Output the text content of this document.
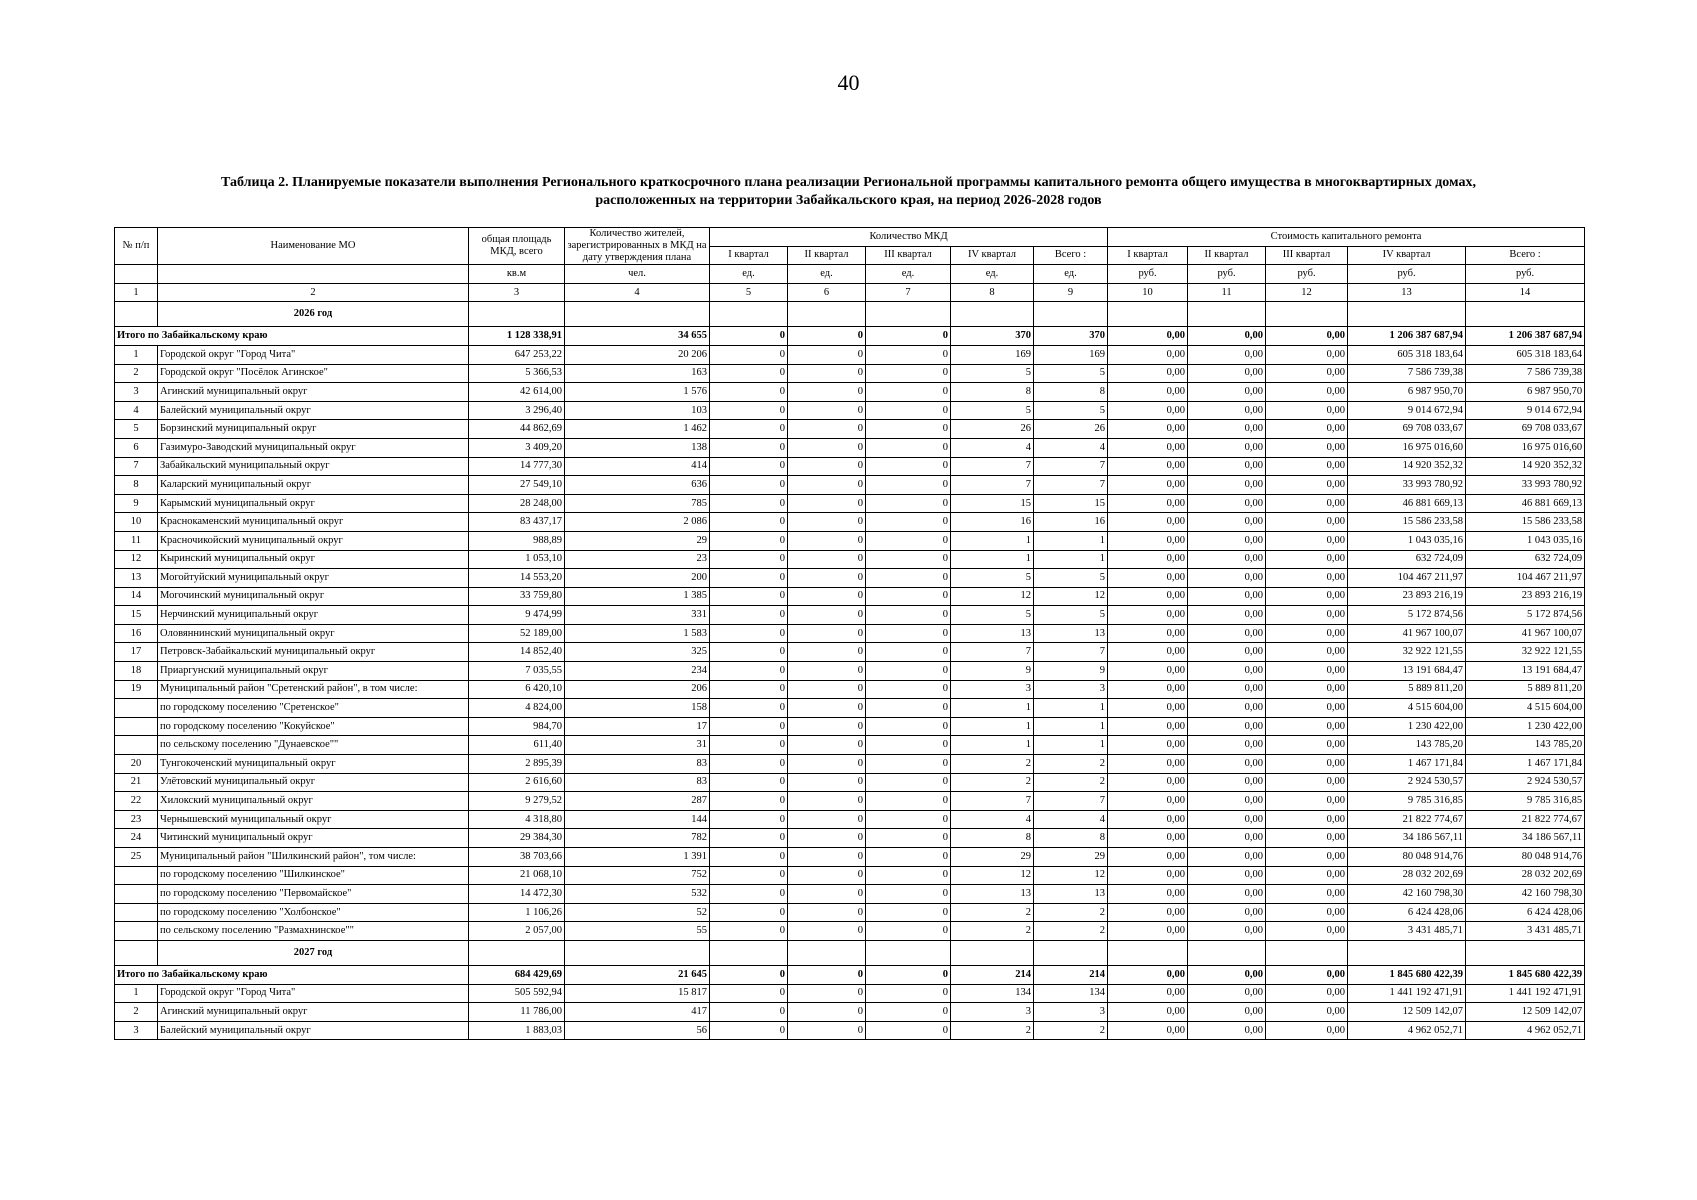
40
Таблица 2. Планируемые показатели выполнения Регионального краткосрочного плана реализации Региональной программы капитального ремонта общего имущества в многоквартирных домах,
расположенных на территории Забайкальского края, на период 2026-2028 годов
№ п/п	Наименование МО	общая площадь МКД, всего	Количество жителей, зарегистрированных в МКД на дату утверждения плана	Количество МКД					Стоимость капитального ремонта				
				I квартал	II квартал	III квартал	IV квартал	Всего :	I квартал	II квартал	III квартал	IV квартал	Всего :
		кв.м	чел.	ед.	ед.	ед.	ед.	ед.	руб.	руб.	руб.	руб.	руб.
1	2	3	4	5	6	7	8	9	10	11	12	13	14
	2026 год												
Итого по Забайкальскому краю		1 128 338,91	34 655	0	0	0	370	370	0,00	0,00	0,00	1 206 387 687,94	1 206 387 687,94
1	Городской округ "Город Чита"	647 253,22	20 206	0	0	0	169	169	0,00	0,00	0,00	605 318 183,64	605 318 183,64
2	Городской округ "Посёлок Агинское"	5 366,53	163	0	0	0	5	5	0,00	0,00	0,00	7 586 739,38	7 586 739,38
3	Агинский муниципальный округ	42 614,00	1 576	0	0	0	8	8	0,00	0,00	0,00	6 987 950,70	6 987 950,70
4	Балейский муниципальный округ	3 296,40	103	0	0	0	5	5	0,00	0,00	0,00	9 014 672,94	9 014 672,94
5	Борзинский муниципальный округ	44 862,69	1 462	0	0	0	26	26	0,00	0,00	0,00	69 708 033,67	69 708 033,67
6	Газимуро-Заводский муниципальный округ	3 409,20	138	0	0	0	4	4	0,00	0,00	0,00	16 975 016,60	16 975 016,60
7	Забайкальский муниципальный округ	14 777,30	414	0	0	0	7	7	0,00	0,00	0,00	14 920 352,32	14 920 352,32
8	Каларский муниципальный округ	27 549,10	636	0	0	0	7	7	0,00	0,00	0,00	33 993 780,92	33 993 780,92
9	Карымский муниципальный округ	28 248,00	785	0	0	0	15	15	0,00	0,00	0,00	46 881 669,13	46 881 669,13
10	Краснокаменский муниципальный округ	83 437,17	2 086	0	0	0	16	16	0,00	0,00	0,00	15 586 233,58	15 586 233,58
11	Красночикойский муниципальный округ	988,89	29	0	0	0	1	1	0,00	0,00	0,00	1 043 035,16	1 043 035,16
12	Кыринский муниципальный округ	1 053,10	23	0	0	0	1	1	0,00	0,00	0,00	632 724,09	632 724,09
13	Могойтуйский муниципальный округ	14 553,20	200	0	0	0	5	5	0,00	0,00	0,00	104 467 211,97	104 467 211,97
14	Могочинский муниципальный округ	33 759,80	1 385	0	0	0	12	12	0,00	0,00	0,00	23 893 216,19	23 893 216,19
15	Нерчинский муниципальный округ	9 474,99	331	0	0	0	5	5	0,00	0,00	0,00	5 172 874,56	5 172 874,56
16	Оловяннинский муниципальный округ	52 189,00	1 583	0	0	0	13	13	0,00	0,00	0,00	41 967 100,07	41 967 100,07
17	Петровск-Забайкальский муниципальный округ	14 852,40	325	0	0	0	7	7	0,00	0,00	0,00	32 922 121,55	32 922 121,55
18	Приаргунский муниципальный округ	7 035,55	234	0	0	0	9	9	0,00	0,00	0,00	13 191 684,47	13 191 684,47
19	Муниципальный район "Сретенский район", в том числе:	6 420,10	206	0	0	0	3	3	0,00	0,00	0,00	5 889 811,20	5 889 811,20
	по городскому поселению "Сретенское"	4 824,00	158	0	0	0	1	1	0,00	0,00	0,00	4 515 604,00	4 515 604,00
	по городскому поселению "Кокуйское"	984,70	17	0	0	0	1	1	0,00	0,00	0,00	1 230 422,00	1 230 422,00
	по сельскому поселению "Дунаевское""	611,40	31	0	0	0	1	1	0,00	0,00	0,00	143 785,20	143 785,20
20	Тунгокоченский муниципальный округ	2 895,39	83	0	0	0	2	2	0,00	0,00	0,00	1 467 171,84	1 467 171,84
21	Улётовский муниципальный округ	2 616,60	83	0	0	0	2	2	0,00	0,00	0,00	2 924 530,57	2 924 530,57
22	Хилокский муниципальный округ	9 279,52	287	0	0	0	7	7	0,00	0,00	0,00	9 785 316,85	9 785 316,85
23	Чернышевский муниципальный округ	4 318,80	144	0	0	0	4	4	0,00	0,00	0,00	21 822 774,67	21 822 774,67
24	Читинский муниципальный округ	29 384,30	782	0	0	0	8	8	0,00	0,00	0,00	34 186 567,11	34 186 567,11
25	Муниципальный район "Шилкинский район", том числе:	38 703,66	1 391	0	0	0	29	29	0,00	0,00	0,00	80 048 914,76	80 048 914,76
	по городскому поселению "Шилкинское"	21 068,10	752	0	0	0	12	12	0,00	0,00	0,00	28 032 202,69	28 032 202,69
	по городскому поселению "Первомайское"	14 472,30	532	0	0	0	13	13	0,00	0,00	0,00	42 160 798,30	42 160 798,30
	по городскому поселению "Холбонское"	1 106,26	52	0	0	0	2	2	0,00	0,00	0,00	6 424 428,06	6 424 428,06
	по сельскому поселению "Размахнинское""	2 057,00	55	0	0	0	2	2	0,00	0,00	0,00	3 431 485,71	3 431 485,71
	2027 год												
Итого по Забайкальскому краю		684 429,69	21 645	0	0	0	214	214	0,00	0,00	0,00	1 845 680 422,39	1 845 680 422,39
1	Городской округ "Город Чита"	505 592,94	15 817	0	0	0	134	134	0,00	0,00	0,00	1 441 192 471,91	1 441 192 471,91
2	Агинский муниципальный округ	11 786,00	417	0	0	0	3	3	0,00	0,00	0,00	12 509 142,07	12 509 142,07
3	Балейский муниципальный округ	1 883,03	56	0	0	0	2	2	0,00	0,00	0,00	4 962 052,71	4 962 052,71
